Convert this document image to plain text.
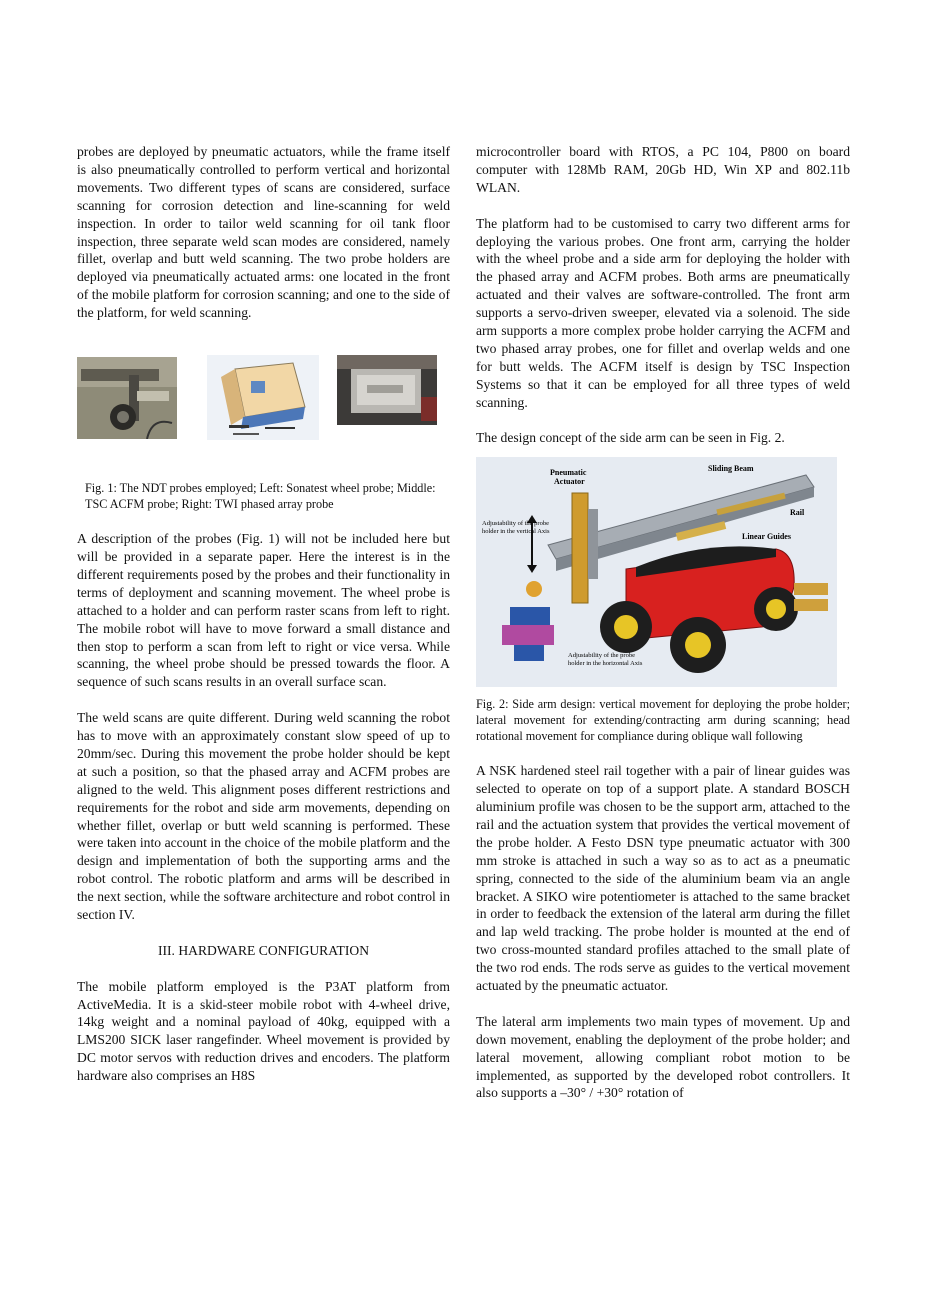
probes are deployed by pneumatic actuators, while the frame itself is also pneumatically controlled to perform vertical and horizontal movements. Two different types of scans are considered, surface scanning for corrosion detection and line-scanning for weld inspection. In order to tailor weld scanning for oil tank floor inspection, three separate weld scan modes are considered, namely fillet, overlap and butt weld scanning. The two probe holders are deployed via pneumatically actuated arms: one located in the front of the mobile platform for corrosion scanning; and one to the side of the platform, for weld scanning.

Fig. 1: The NDT probes employed; Left: Sonatest wheel probe; Middle: TSC ACFM probe; Right: TWI phased array probe

A description of the probes (Fig. 1) will not be included here but will be provided in a separate paper. Here the interest is in the different requirements posed by the probes and their functionality in terms of deployment and scanning movement. The wheel probe is attached to a holder and can perform raster scans from left to right. The mobile robot will have to move forward a small distance and then stop to perform a scan from left to right or vice versa. While scanning, the wheel probe should be pressed towards the floor. A sequence of such scans results in an overall surface scan.

The weld scans are quite different. During weld scanning the robot has to move with an approximately constant slow speed of up to 20mm/sec. During this movement the probe holder should be kept at such a position, so that the phased array and ACFM probes are aligned to the weld. This alignment poses different restrictions and requirements for the robot and side arm movements, depending on whether fillet, overlap or butt weld scanning is performed. These were taken into account in the choice of the mobile platform and the design and implementation of both the supporting arms and the robot control. The robotic platform and arms will be described in the next section, while the software architecture and robot control in section IV.

III. HARDWARE CONFIGURATION

The mobile platform employed is the P3AT platform from ActiveMedia. It is a skid-steer mobile robot with 4-wheel drive, 14kg weight and a nominal payload of 40kg, equipped with a LMS200 SICK laser rangefinder. Wheel movement is provided by DC motor servos with reduction drives and encoders. The platform hardware also comprises an H8S

microcontroller board with RTOS, a PC 104, P800 on board computer with 128Mb RAM, 20Gb HD, Win XP and 802.11b WLAN.

The platform had to be customised to carry two different arms for deploying the various probes. One front arm, carrying the holder with the wheel probe and a side arm for deploying the holder with the phased array and ACFM probes. Both arms are pneumatically actuated and their valves are software-controlled. The front arm supports a servo-driven sweeper, elevated via a solenoid. The side arm supports a more complex probe holder carrying the ACFM and two phased array probes, one for fillet and overlap welds and one for butt welds. The ACFM itself is design by TSC Inspection Systems so that it can be employed for all three types of weld scanning.

The design concept of the side arm can be seen in Fig. 2.

Pneumatic
Actuator
Sliding Beam
Rail
Linear Guides
Adjustability of the probe
holder in the vertical Axis
Adjustability of the probe
holder in the horizontal Axis

Fig. 2: Side arm design: vertical movement for deploying the probe holder; lateral movement for extending/contracting arm during scanning; head rotational movement for compliance during oblique wall following

A NSK hardened steel rail together with a pair of linear guides was selected to operate on top of a support plate. A standard BOSCH aluminium profile was chosen to be the support arm, attached to the rail and the actuation system that provides the vertical movement of the probe holder. A Festo DSN type pneumatic actuator with 300 mm stroke is attached in such a way so as to act as a pneumatic spring, connected to the side of the aluminium beam via an angle bracket. A SIKO wire potentiometer is attached to the same bracket in order to feedback the extension of the lateral arm during the fillet and lap weld tracking. The probe holder is mounted at the end of two cross-mounted standard profiles attached to the small plate of the two rod ends. The rods serve as guides to the vertical movement actuated by the pneumatic actuator.

The lateral arm implements two main types of movement. Up and down movement, enabling the deployment of the probe holder; and lateral movement, allowing compliant robot motion to be implemented, as supported by the developed robot controllers. It also supports a –30° / +30° rotation of
